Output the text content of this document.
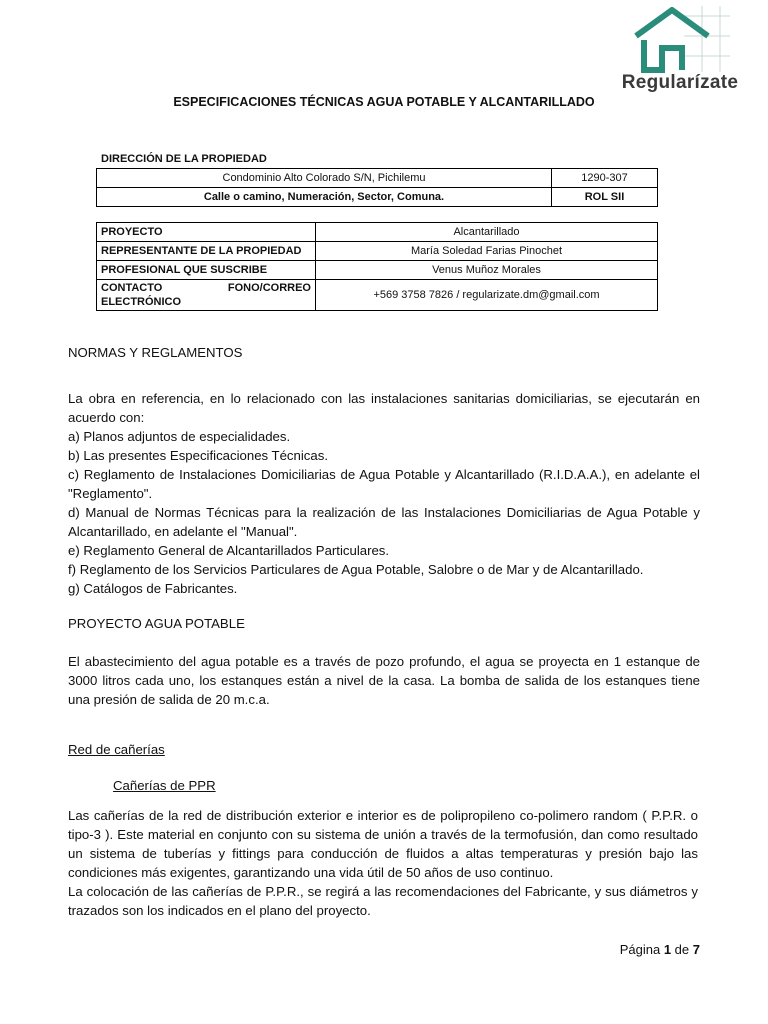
Regularízate
ESPECIFICACIONES TÉCNICAS AGUA POTABLE Y ALCANTARILLADO
DIRECCIÓN DE LA PROPIEDAD
Condominio Alto Colorado S/N, Pichilemu	1290-307
Calle o camino, Numeración, Sector, Comuna.	ROL SII
PROYECTO	Alcantarillado
REPRESENTANTE DE LA PROPIEDAD	María Soledad Farias Pinochet
PROFESIONAL QUE SUSCRIBE	Venus Muñoz Morales

CONTACTO FONO/CORREO
ELECTRÓNICO	+569 3758 7826 / regularizate.dm@gmail.com
NORMAS Y REGLAMENTOS
La obra en referencia, en lo relacionado con las instalaciones sanitarias domiciliarias, se ejecutarán en acuerdo con:
a) Planos adjuntos de especialidades.
b) Las presentes Especificaciones Técnicas.
c) Reglamento de Instalaciones Domiciliarias de Agua Potable y Alcantarillado (R.I.D.A.A.), en adelante el "Reglamento".
d) Manual de Normas Técnicas para la realización de las Instalaciones Domiciliarias de Agua Potable y Alcantarillado, en adelante el "Manual".
e) Reglamento General de Alcantarillados Particulares.
f) Reglamento de los Servicios Particulares de Agua Potable, Salobre o de Mar y de Alcantarillado.
g) Catálogos de Fabricantes.
PROYECTO AGUA POTABLE
El abastecimiento del agua potable es a través de pozo profundo, el agua se proyecta en 1 estanque de 3000 litros cada uno, los estanques están a nivel de la casa. La bomba de salida de los estanques tiene una presión de salida de 20 m.c.a.
Red de cañerías
Cañerías de PPR
Las cañerías de la red de distribución exterior e interior es de polipropileno co-polimero random ( P.P.R. o tipo-3 ). Este material en conjunto con su sistema de unión a través de la termofusión, dan como resultado un sistema de tuberías y fittings para conducción de fluidos a altas temperaturas y presión bajo las condiciones más exigentes, garantizando una vida útil de 50 años de uso continuo.
La colocación de las cañerías de P.P.R., se regirá a las recomendaciones del Fabricante, y sus diámetros y trazados son los indicados en el plano del proyecto.
Página 1 de 7
